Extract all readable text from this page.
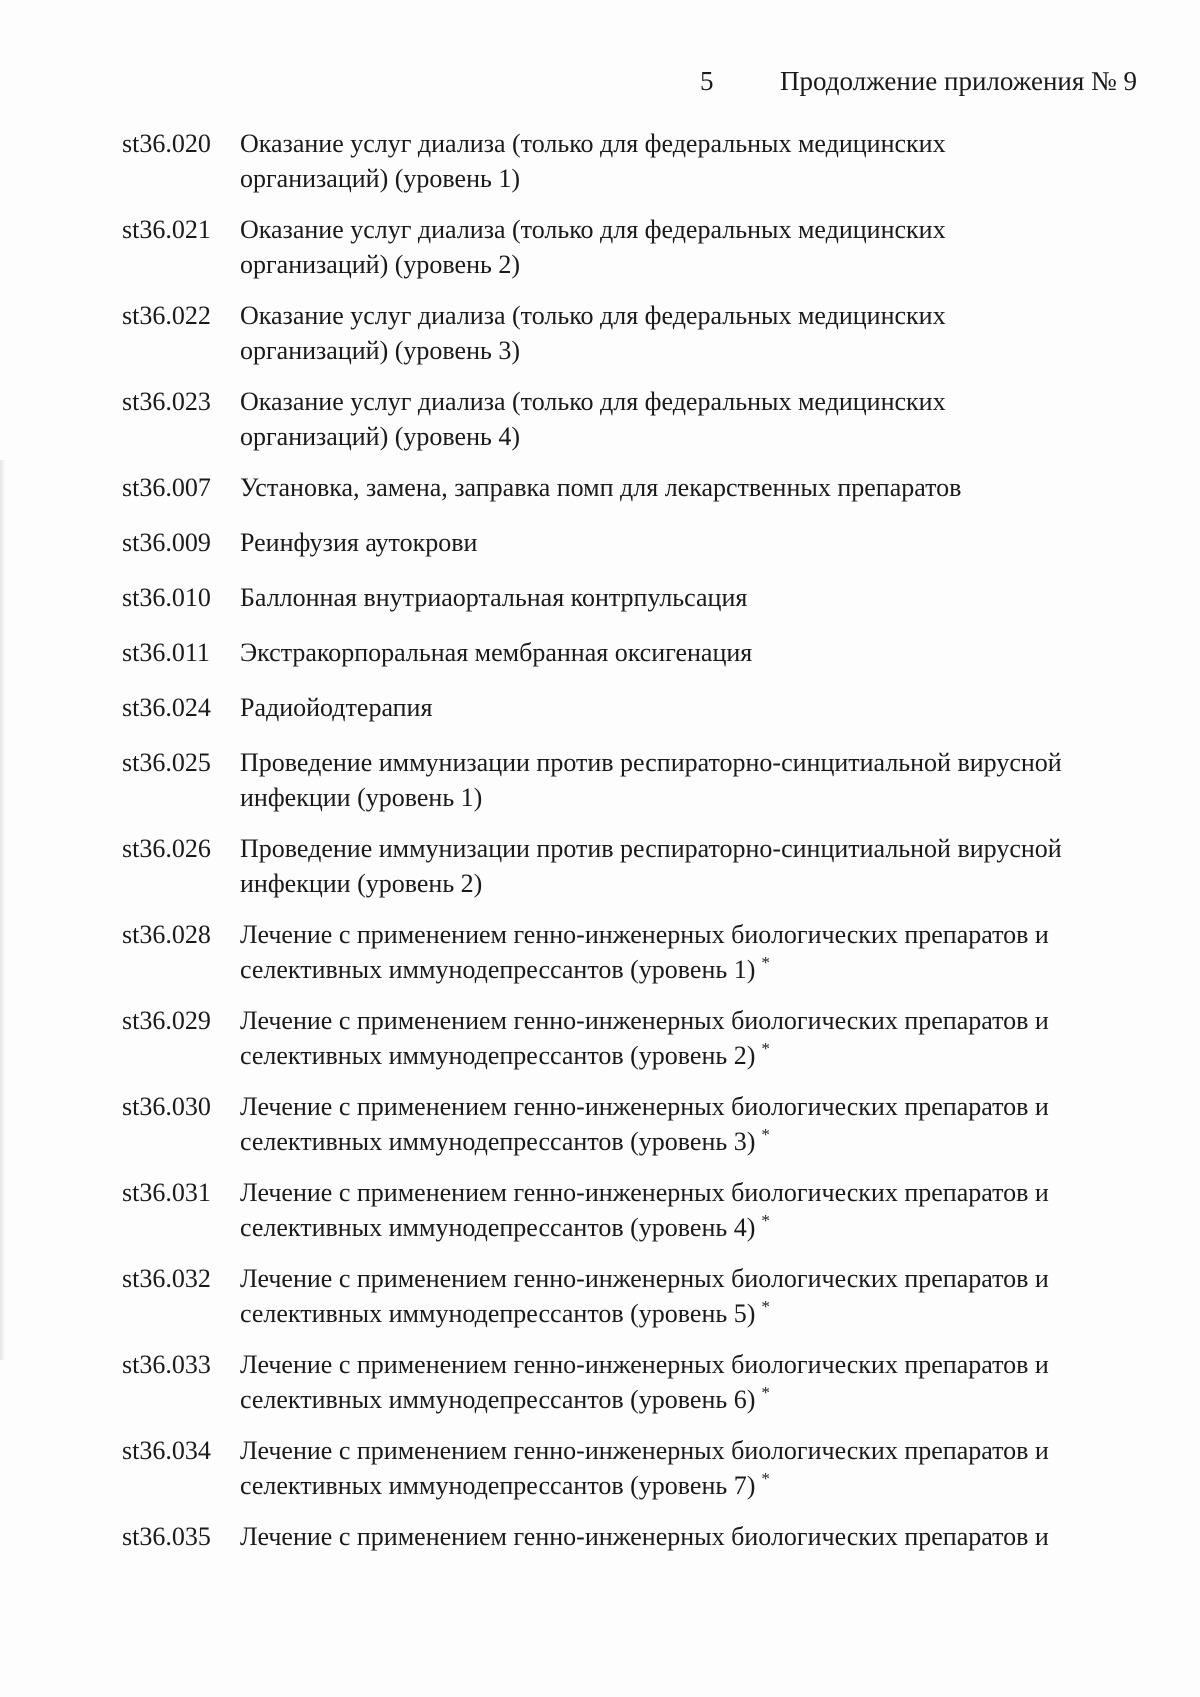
5 Продолжение приложения № 9
st36.020	Оказание услуг диализа (только для федеральных медицинских
организаций) (уровень 1)
st36.021	Оказание услуг диализа (только для федеральных медицинских
организаций) (уровень 2)
st36.022	Оказание услуг диализа (только для федеральных медицинских
организаций) (уровень 3)
st36.023	Оказание услуг диализа (только для федеральных медицинских
организаций) (уровень 4)
st36.007	Установка, замена, заправка помп для лекарственных препаратов
st36.009	Реинфузия аутокрови
st36.010	Баллонная внутриаортальная контрпульсация
st36.011	Экстракорпоральная мембранная оксигенация
st36.024	Радиойодтерапия
st36.025	Проведение иммунизации против респираторно-синцитиальной вирусной
инфекции (уровень 1)
st36.026	Проведение иммунизации против респираторно-синцитиальной вирусной
инфекции (уровень 2)
st36.028	Лечение с применением генно-инженерных биологических препаратов и
селективных иммунодепрессантов (уровень 1) *
st36.029	Лечение с применением генно-инженерных биологических препаратов и
селективных иммунодепрессантов (уровень 2) *
st36.030	Лечение с применением генно-инженерных биологических препаратов и
селективных иммунодепрессантов (уровень 3) *
st36.031	Лечение с применением генно-инженерных биологических препаратов и
селективных иммунодепрессантов (уровень 4) *
st36.032	Лечение с применением генно-инженерных биологических препаратов и
селективных иммунодепрессантов (уровень 5) *
st36.033	Лечение с применением генно-инженерных биологических препаратов и
селективных иммунодепрессантов (уровень 6) *
st36.034	Лечение с применением генно-инженерных биологических препаратов и
селективных иммунодепрессантов (уровень 7) *
st36.035	Лечение с применением генно-инженерных биологических препаратов и
